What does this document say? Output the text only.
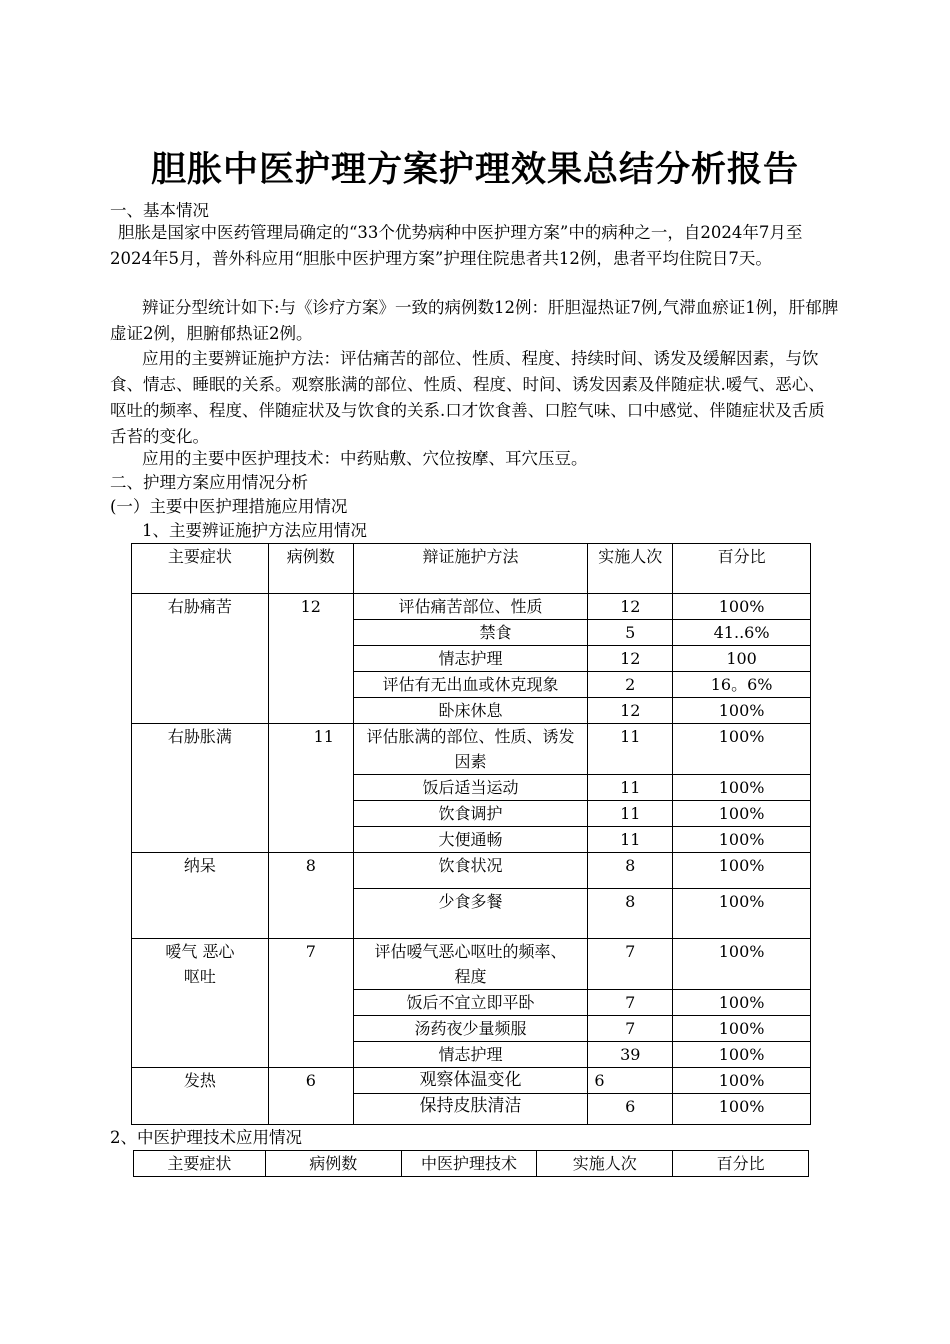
胆胀中医护理方案护理效果总结分析报告
一、基本情况
胆胀是国家中医药管理局确定的“33个优势病种中医护理方案”中的病种之一，自2024年7月至2024年5月，普外科应用“胆胀中医护理方案”护理住院患者共12例，患者平均住院日7天。
辨证分型统计如下:与《诊疗方案》一致的病例数12例：肝胆湿热证7例,气滞血瘀证1例，肝郁脾虚证2例，胆腑郁热证2例。
应用的主要辨证施护方法：评估痛苦的部位、性质、程度、持续时间、诱发及缓解因素，与饮食、情志、睡眠的关系。观察胀满的部位、性质、程度、时间、诱发因素及伴随症状.嗳气、恶心、呕吐的频率、程度、伴随症状及与饮食的关系.口才饮食善、口腔气味、口中感觉、伴随症状及舌质舌苔的变化。
应用的主要中医护理技术：中药贴敷、穴位按摩、耳穴压豆。
二、护理方案应用情况分析
(一）主要中医护理措施应用情况
1、主要辨证施护方法应用情况
主要症状	病例数	辩证施护方法	实施人次	百分比
右胁痛苦	12	评估痛苦部位、性质	12	100%
		禁食	5	41..6%
		情志护理	12	100
		评估有无出血或休克现象	2	16。6%
		卧床休息	12	100%
右胁胀满	11	评估胀满的部位、性质、诱发因素	11	100%
		饭后适当运动	11	100%
		饮食调护	11	100%
		大便通畅	11	100%
纳呆	8	饮食状况	8	100%
		少食多餐	8	100%
嗳气 恶心呕吐	7	评估嗳气恶心呕吐的频率、程度	7	100%
		饭后不宜立即平卧	7	100%
		汤药夜少量频服	7	100%
		情志护理	39	100%
发热	6	观察体温变化	6	100%
		保持皮肤清洁	6	100%
2、中医护理技术应用情况
主要症状	病例数	中医护理技术	实施人次	百分比
